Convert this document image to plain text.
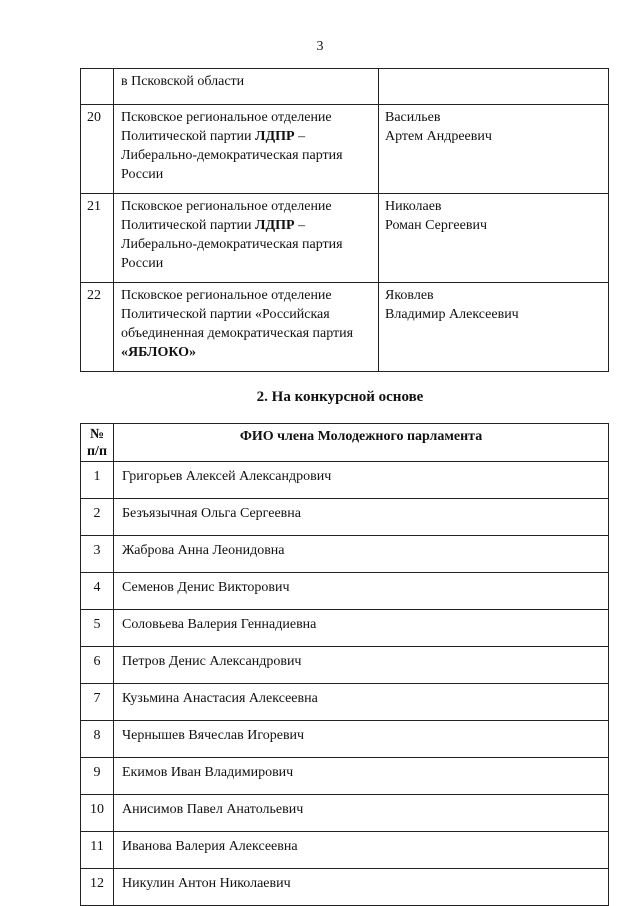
3

	в Псковской области	

20	Псковское региональное отделение
Политической партии ЛДПР –
Либерально-демократическая партия
России	Васильев
Артем Андреевич

21	Псковское региональное отделение
Политической партии ЛДПР –
Либерально-демократическая партия
России	Николаев
Роман Сергеевич

22	Псковское региональное отделение
Политической партии «Российская
объединенная демократическая партия
«ЯБЛОКО»	Яковлев
Владимир Алексеевич
2. На конкурсной основе
№
п/п	ФИО члена Молодежного парламента
1	Григорьев Алексей Александрович
2	Безъязычная Ольга Сергеевна
3	Жаброва Анна Леонидовна
4	Семенов Денис Викторович
5	Соловьева Валерия Геннадиевна
6	Петров Денис Александрович
7	Кузьмина Анастасия Алексеевна
8	Чернышев Вячеслав Игоревич
9	Екимов Иван Владимирович
10	Анисимов Павел Анатольевич
11	Иванова Валерия Алексеевна
12	Никулин Антон Николаевич
